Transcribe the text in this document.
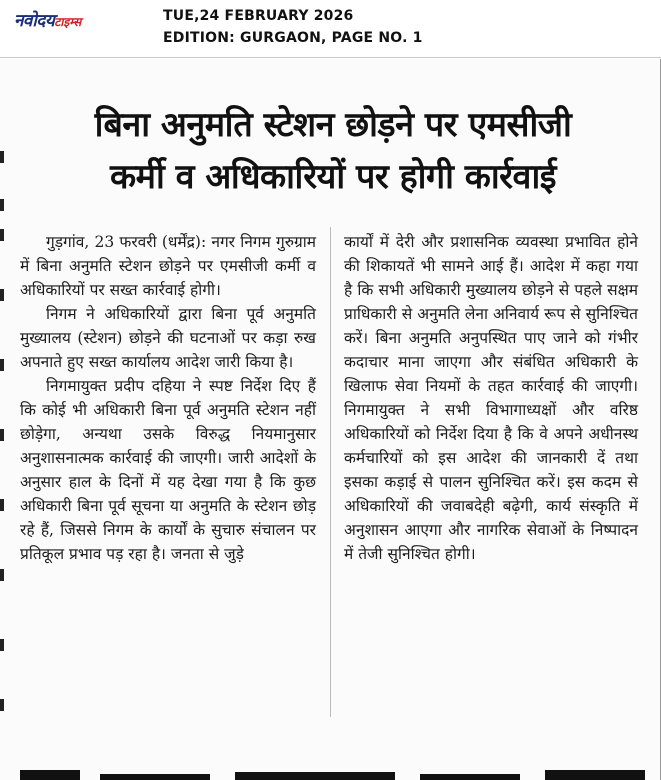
नवोदयटाइम्स	TUE,24 FEBRUARY 2026
EDITION: GURGAON, PAGE NO. 1
बिना अनुमति स्टेशन छोड़ने पर एमसीजी
कर्मी व अधिकारियों पर होगी कार्रवाई

गुड़गांव, 23 फरवरी (धर्मेंद्र): नगर निगम गुरुग्राम में बिना अनुमति स्टेशन छोड़ने पर एमसीजी कर्मी व अधिकारियों पर सख्त कार्रवाई होगी।

निगम ने अधिकारियों द्वारा बिना पूर्व अनुमति मुख्यालय (स्टेशन) छोड़ने की घटनाओं पर कड़ा रुख अपनाते हुए सख्त कार्यालय आदेश जारी किया है।

निगमायुक्त प्रदीप दहिया ने स्पष्ट निर्देश दिए हैं कि कोई भी अधिकारी बिना पूर्व अनुमति स्टेशन नहीं छोड़ेगा, अन्यथा उसके विरुद्ध नियमानुसार अनुशासनात्मक कार्रवाई की जाएगी। जारी आदेशों के अनुसार हाल के दिनों में यह देखा गया है कि कुछ अधिकारी बिना पूर्व सूचना या अनुमति के स्टेशन छोड़ रहे हैं, जिससे निगम के कार्यों के सुचारु संचालन पर प्रतिकूल प्रभाव पड़ रहा है। जनता से जुड़े

कार्यों में देरी और प्रशासनिक व्यवस्था प्रभावित होने की शिकायतें भी सामने आई हैं। आदेश में कहा गया है कि सभी अधिकारी मुख्यालय छोड़ने से पहले सक्षम प्राधिकारी से अनुमति लेना अनिवार्य रूप से सुनिश्चित करें। बिना अनुमति अनुपस्थित पाए जाने को गंभीर कदाचार माना जाएगा और संबंधित अधिकारी के खिलाफ सेवा नियमों के तहत कार्रवाई की जाएगी। निगमायुक्त ने सभी विभागाध्यक्षों और वरिष्ठ अधिकारियों को निर्देश दिया है कि वे अपने अधीनस्थ कर्मचारियों को इस आदेश की जानकारी दें तथा इसका कड़ाई से पालन सुनिश्चित करें। इस कदम से अधिकारियों की जवाबदेही बढ़ेगी, कार्य संस्कृति में अनुशासन आएगा और नागरिक सेवाओं के निष्पादन में तेजी सुनिश्चित होगी।
